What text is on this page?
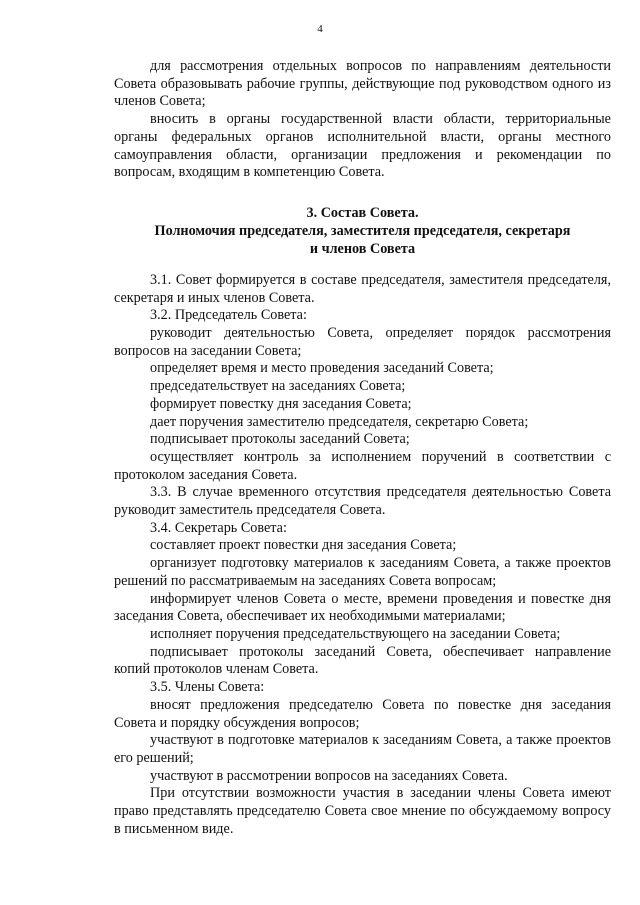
4

для рассмотрения отдельных вопросов по направлениям деятельности Совета образовывать рабочие группы, действующие под руководством одного из членов Совета;

вносить в органы государственной власти области, территориальные органы федеральных органов исполнительной власти, органы местного самоуправления области, организации предложения и рекомендации по вопросам, входящим в компетенцию Совета.

3. Состав Совета.
Полномочия председателя, заместителя председателя, секретаря
и членов Совета

3.1. Совет формируется в составе председателя, заместителя председателя, секретаря и иных членов Совета.

3.2. Председатель Совета:

руководит деятельностью Совета, определяет порядок рассмотрения вопросов на заседании Совета;

определяет время и место проведения заседаний Совета;

председательствует на заседаниях Совета;

формирует повестку дня заседания Совета;

дает поручения заместителю председателя, секретарю Совета;

подписывает протоколы заседаний Совета;

осуществляет контроль за исполнением поручений в соответствии с протоколом заседания Совета.

3.3. В случае временного отсутствия председателя деятельностью Совета руководит заместитель председателя Совета.

3.4. Секретарь Совета:

составляет проект повестки дня заседания Совета;

организует подготовку материалов к заседаниям Совета, а также проектов решений по рассматриваемым на заседаниях Совета вопросам;

информирует членов Совета о месте, времени проведения и повестке дня заседания Совета, обеспечивает их необходимыми материалами;

исполняет поручения председательствующего на заседании Совета;

подписывает протоколы заседаний Совета, обеспечивает направление копий протоколов членам Совета.

3.5. Члены Совета:

вносят предложения председателю Совета по повестке дня заседания Совета и порядку обсуждения вопросов;

участвуют в подготовке материалов к заседаниям Совета, а также проектов его решений;

участвуют в рассмотрении вопросов на заседаниях Совета.

При отсутствии возможности участия в заседании члены Совета имеют право представлять председателю Совета свое мнение по обсуждаемому вопросу в письменном виде.
